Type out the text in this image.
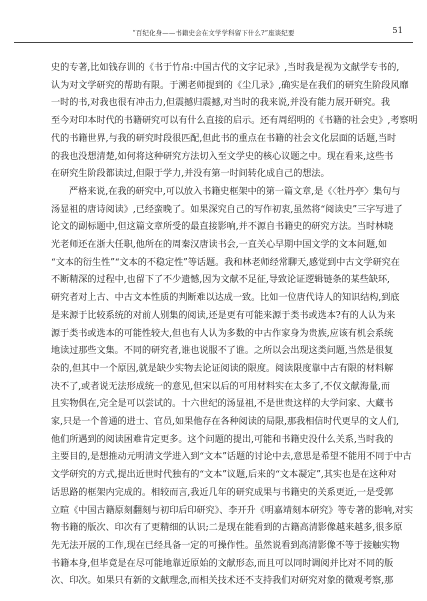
“百纪化身——书籍史会在文学学科留下什么?”座谈纪要	51
史的专著,比如钱存训的《书于竹帛:中国古代的文字记录》,当时我是视为文献学专书的,
认为对文学研究的帮助有限。于溯老师提到的《尘几录》,确实是在我们的研究生阶段风靡
一时的书,对我也很有冲击力,但震撼归震撼,对当时的我来说,并没有能力展开研究。我
至今对印本时代的书籍研究可以有什么直接的启示。还有周绍明的《书籍的社会史》,考察明
代的书籍世界,与我的研究时段很匹配,但此书的重点在书籍的社会文化层面的话题,当时
的我也没想清楚,如何将这种研究方法切入至文学史的核心议题之中。现在看来,这些书
在研究生阶段都读过,但限于学力,并没有第一时间转化成自己的想法。
严格来说,在我的研究中,可以放入书籍史框架中的第一篇文章,是《〈牡丹亭〉集句与
汤显祖的唐诗阅读》,已经蛮晚了。如果深究自己的写作初衷,虽然将“阅读史”三字写进了
论文的副标题中,但这篇文章所受的最直接影响,并不源自书籍史的研究方法。当时林晓
光老师还在浙大任职,他所在的周秦汉唐读书会,一直关心早期中国文学的文本问题,如
“文本的衍生性”“文本的不稳定性”等话题。我和林老师经常聊天,感觉到中古文学研究在
不断精深的过程中,也留下了不少遗憾,因为文献不足征,导致论证逻辑链条的某些缺环,
研究者对上古、中古文本性质的判断难以达成一致。比如一位唐代诗人的知识结构,到底
是来源于比较系统的对前人别集的阅读,还是更有可能来源于类书或选本?有的人认为来
源于类书或选本的可能性较大,但也有人认为多数的中古作家身为贵族,应该有机会系统
地读过那些文集。不同的研究者,谁也说服不了谁。之所以会出现这类问题,当然是很复
杂的,但其中一个原因,就是缺少实物去论证阅读的限度。阅读限度靠中古有限的材料解
决不了,或者说无法形成统一的意见,但宋以后的可用材料实在太多了,不仅文献海量,而
且实物俱在,完全是可以尝试的。十六世纪的汤显祖,不是世贵这样的大学问家、大藏书
家,只是一个普通的进士、官员,如果他存在各种阅读的局限,那我相信时代更早的文人们,
他们所遇到的阅读困难肯定更多。这个问题的提出,可能和书籍史没什么关系,当时我的
主要目的,是想推动元明清文学进入到“文本”话题的讨论中去,意思是希望不能用不同于中古
文学研究的方式,提出近世时代独有的“文本”议题,后来的“文本凝定”,其实也是在这种对
话思路的框架内完成的。相较而言,我近几年的研究成果与书籍史的关系更近,一是受郭
立暄《中国古籍原刻翻刻与初印后印研究》、李开升《明嘉靖刻本研究》等专著的影响,对实
物书籍的版次、印次有了更精细的认识;二是现在能看到的古籍高清影像越来越多,很多原
先无法开展的工作,现在已经具备一定的可操作性。虽然说看到高清影像不等于接触实物
书籍本身,但毕竟是在尽可能地靠近原始的文献形态,而且可以同时调阅并比对不同的版
次、印次。如果只有新的文献理念,而相关技术还不支持我们对研究对象的微观考察,那
